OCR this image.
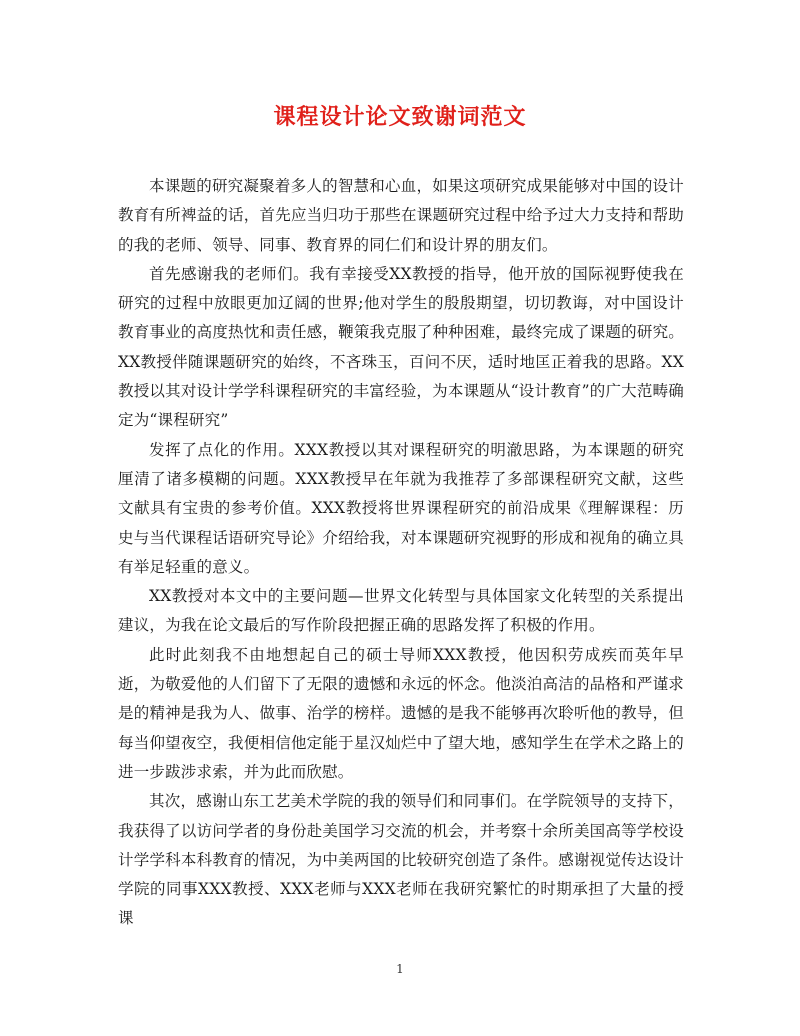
课程设计论文致谢词范文

本课题的研究凝聚着多人的智慧和心血，如果这项研究成果能够对中国的设计教育有所裨益的话，首先应当归功于那些在课题研究过程中给予过大力支持和帮助的我的老师、领导、同事、教育界的同仁们和设计界的朋友们。

首先感谢我的老师们。我有幸接受XX教授的指导，他开放的国际视野使我在研究的过程中放眼更加辽阔的世界;他对学生的殷殷期望，切切教诲，对中国设计教育事业的高度热忱和责任感，鞭策我克服了种种困难，最终完成了课题的研究。XX教授伴随课题研究的始终，不吝珠玉，百问不厌，适时地匡正着我的思路。XX教授以其对设计学学科课程研究的丰富经验，为本课题从“设计教育”的广大范畴确定为“课程研究”

发挥了点化的作用。XXX教授以其对课程研究的明澈思路，为本课题的研究厘清了诸多模糊的问题。XXX教授早在年就为我推荐了多部课程研究文献，这些文献具有宝贵的参考价值。XXX教授将世界课程研究的前沿成果《理解课程：历史与当代课程话语研究导论》介绍给我，对本课题研究视野的形成和视角的确立具有举足轻重的意义。

XX教授对本文中的主要问题—世界文化转型与具体国家文化转型的关系提出建议，为我在论文最后的写作阶段把握正确的思路发挥了积极的作用。

此时此刻我不由地想起自己的硕士导师XXX教授，他因积劳成疾而英年早逝，为敬爱他的人们留下了无限的遗憾和永远的怀念。他淡泊高洁的品格和严谨求是的精神是我为人、做事、治学的榜样。遗憾的是我不能够再次聆听他的教导，但每当仰望夜空，我便相信他定能于星汉灿烂中了望大地，感知学生在学术之路上的进一步跋涉求索，并为此而欣慰。

其次，感谢山东工艺美术学院的我的领导们和同事们。在学院领导的支持下，我获得了以访问学者的身份赴美国学习交流的机会，并考察十余所美国高等学校设计学学科本科教育的情况，为中美两国的比较研究创造了条件。感谢视觉传达设计学院的同事XXX教授、XXX老师与XXX老师在我研究繁忙的时期承担了大量的授课

1
